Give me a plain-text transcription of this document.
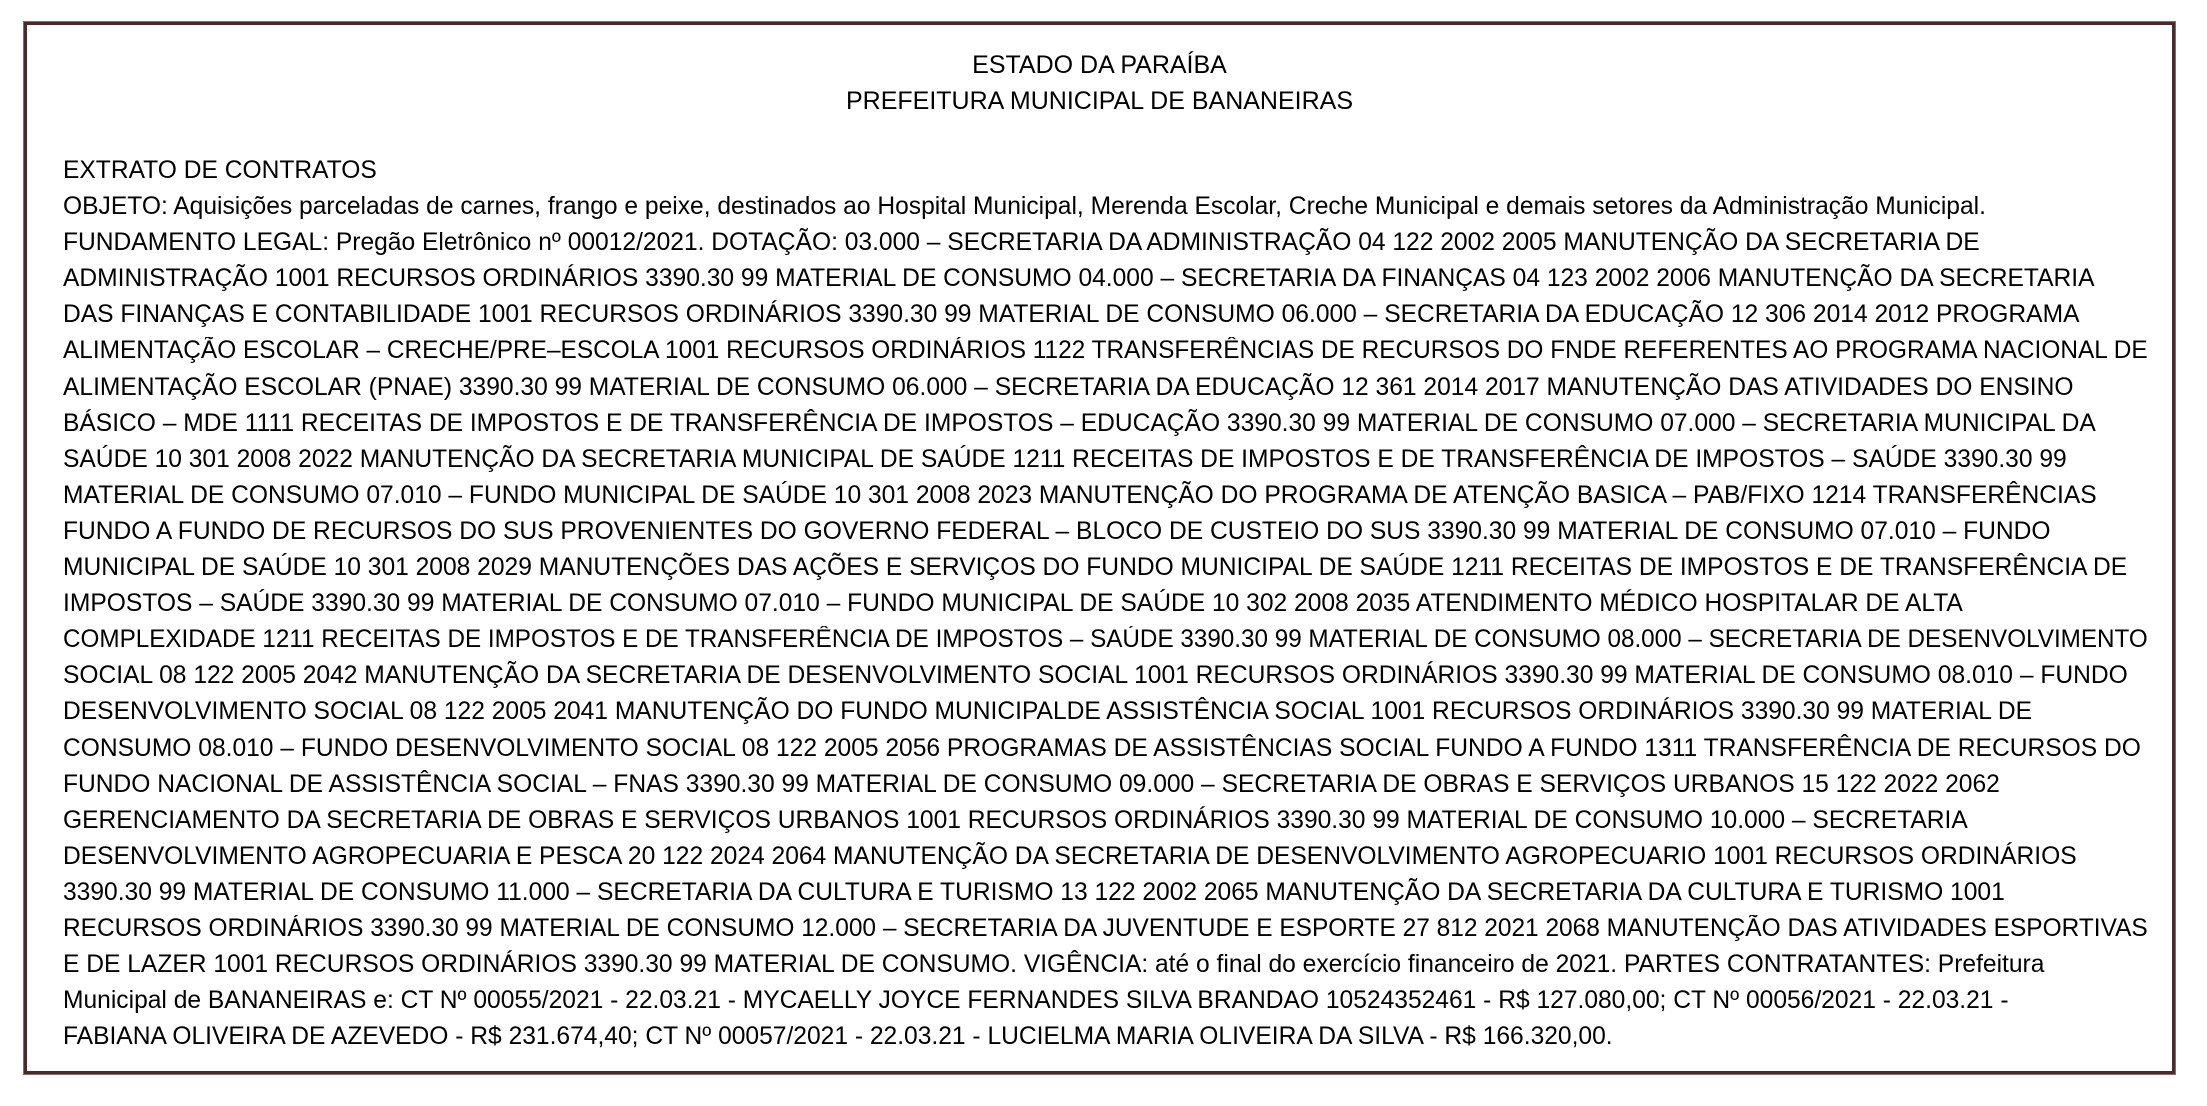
ESTADO DA PARAÍBA
PREFEITURA MUNICIPAL DE BANANEIRAS
EXTRATO DE CONTRATOS
OBJETO: Aquisições parceladas de carnes, frango e peixe, destinados ao Hospital Municipal, Merenda Escolar, Creche Municipal e demais setores da Administração Municipal.
FUNDAMENTO LEGAL: Pregão Eletrônico nº 00012/2021. DOTAÇÃO: 03.000 – SECRETARIA DA ADMINISTRAÇÃO 04 122 2002 2005 MANUTENÇÃO DA SECRETARIA DE
ADMINISTRAÇÃO 1001 RECURSOS ORDINÁRIOS 3390.30 99 MATERIAL DE CONSUMO 04.000 – SECRETARIA DA FINANÇAS 04 123 2002 2006 MANUTENÇÃO DA SECRETARIA
DAS FINANÇAS E CONTABILIDADE 1001 RECURSOS ORDINÁRIOS 3390.30 99 MATERIAL DE CONSUMO 06.000 – SECRETARIA DA EDUCAÇÃO 12 306 2014 2012 PROGRAMA
ALIMENTAÇÃO ESCOLAR – CRECHE/PRE–ESCOLA 1001 RECURSOS ORDINÁRIOS 1122 TRANSFERÊNCIAS DE RECURSOS DO FNDE REFERENTES AO PROGRAMA NACIONAL DE
ALIMENTAÇÃO ESCOLAR (PNAE) 3390.30 99 MATERIAL DE CONSUMO 06.000 – SECRETARIA DA EDUCAÇÃO 12 361 2014 2017 MANUTENÇÃO DAS ATIVIDADES DO ENSINO
BÁSICO – MDE 1111 RECEITAS DE IMPOSTOS E DE TRANSFERÊNCIA DE IMPOSTOS – EDUCAÇÃO 3390.30 99 MATERIAL DE CONSUMO 07.000 – SECRETARIA MUNICIPAL DA
SAÚDE 10 301 2008 2022 MANUTENÇÃO DA SECRETARIA MUNICIPAL DE SAÚDE 1211 RECEITAS DE IMPOSTOS E DE TRANSFERÊNCIA DE IMPOSTOS – SAÚDE 3390.30 99
MATERIAL DE CONSUMO 07.010 – FUNDO MUNICIPAL DE SAÚDE 10 301 2008 2023 MANUTENÇÃO DO PROGRAMA DE ATENÇÃO BASICA – PAB/FIXO 1214 TRANSFERÊNCIAS
FUNDO A FUNDO DE RECURSOS DO SUS PROVENIENTES DO GOVERNO FEDERAL – BLOCO DE CUSTEIO DO SUS 3390.30 99 MATERIAL DE CONSUMO 07.010 – FUNDO
MUNICIPAL DE SAÚDE 10 301 2008 2029 MANUTENÇÕES DAS AÇÕES E SERVIÇOS DO FUNDO MUNICIPAL DE SAÚDE 1211 RECEITAS DE IMPOSTOS E DE TRANSFERÊNCIA DE
IMPOSTOS – SAÚDE 3390.30 99 MATERIAL DE CONSUMO 07.010 – FUNDO MUNICIPAL DE SAÚDE 10 302 2008 2035 ATENDIMENTO MÉDICO HOSPITALAR DE ALTA
COMPLEXIDADE 1211 RECEITAS DE IMPOSTOS E DE TRANSFERÊNCIA DE IMPOSTOS – SAÚDE 3390.30 99 MATERIAL DE CONSUMO 08.000 – SECRETARIA DE DESENVOLVIMENTO
SOCIAL 08 122 2005 2042 MANUTENÇÃO DA SECRETARIA DE DESENVOLVIMENTO SOCIAL 1001 RECURSOS ORDINÁRIOS 3390.30 99 MATERIAL DE CONSUMO 08.010 – FUNDO
DESENVOLVIMENTO SOCIAL 08 122 2005 2041 MANUTENÇÃO DO FUNDO MUNICIPALDE ASSISTÊNCIA SOCIAL 1001 RECURSOS ORDINÁRIOS 3390.30 99 MATERIAL DE
CONSUMO 08.010 – FUNDO DESENVOLVIMENTO SOCIAL 08 122 2005 2056 PROGRAMAS DE ASSISTÊNCIAS SOCIAL FUNDO A FUNDO 1311 TRANSFERÊNCIA DE RECURSOS DO
FUNDO NACIONAL DE ASSISTÊNCIA SOCIAL – FNAS 3390.30 99 MATERIAL DE CONSUMO 09.000 – SECRETARIA DE OBRAS E SERVIÇOS URBANOS 15 122 2022 2062
GERENCIAMENTO DA SECRETARIA DE OBRAS E SERVIÇOS URBANOS 1001 RECURSOS ORDINÁRIOS 3390.30 99 MATERIAL DE CONSUMO 10.000 – SECRETARIA
DESENVOLVIMENTO AGROPECUARIA E PESCA 20 122 2024 2064 MANUTENÇÃO DA SECRETARIA DE DESENVOLVIMENTO AGROPECUARIO 1001 RECURSOS ORDINÁRIOS
3390.30 99 MATERIAL DE CONSUMO 11.000 – SECRETARIA DA CULTURA E TURISMO 13 122 2002 2065 MANUTENÇÃO DA SECRETARIA DA CULTURA E TURISMO 1001
RECURSOS ORDINÁRIOS 3390.30 99 MATERIAL DE CONSUMO 12.000 – SECRETARIA DA JUVENTUDE E ESPORTE 27 812 2021 2068 MANUTENÇÃO DAS ATIVIDADES ESPORTIVAS
E DE LAZER 1001 RECURSOS ORDINÁRIOS 3390.30 99 MATERIAL DE CONSUMO. VIGÊNCIA: até o final do exercício financeiro de 2021. PARTES CONTRATANTES: Prefeitura
Municipal de BANANEIRAS e: CT Nº 00055/2021 - 22.03.21 - MYCAELLY JOYCE FERNANDES SILVA BRANDAO 10524352461 - R$ 127.080,00; CT Nº 00056/2021 - 22.03.21 -
FABIANA OLIVEIRA DE AZEVEDO - R$ 231.674,40; CT Nº 00057/2021 - 22.03.21 - LUCIELMA MARIA OLIVEIRA DA SILVA - R$ 166.320,00.
